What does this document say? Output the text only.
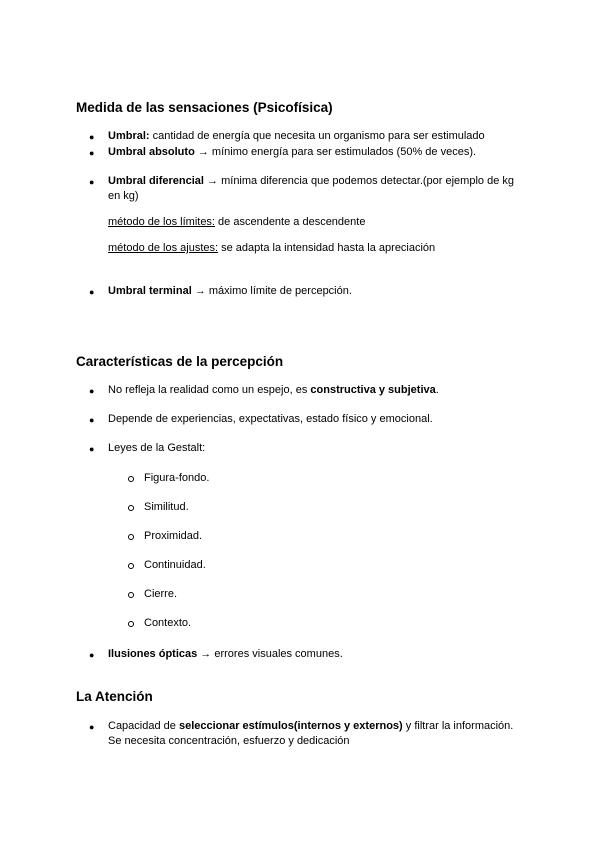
Medida de las sensaciones (Psicofísica)
● Umbral: cantidad de energía que necesita un organismo para ser estimulado
● Umbral absoluto → mínimo energía para ser estimulados (50% de veces).
● Umbral diferencial → mínima diferencia que podemos detectar.(por ejemplo de kg
en kg)
método de los límites: de ascendente a descendente
método de los ajustes: se adapta la intensidad hasta la apreciación
● Umbral terminal → máximo límite de percepción.
Características de la percepción
● No refleja la realidad como un espejo, es constructiva y subjetiva.
● Depende de experiencias, expectativas, estado físico y emocional.
● Leyes de la Gestalt:
Figura-fondo.
Similitud.
Proximidad.
Continuidad.
Cierre.
Contexto.
● Ilusiones ópticas → errores visuales comunes.
La Atención
● Capacidad de seleccionar estímulos(internos y externos) y filtrar la información.
Se necesita concentración, esfuerzo y dedicación
